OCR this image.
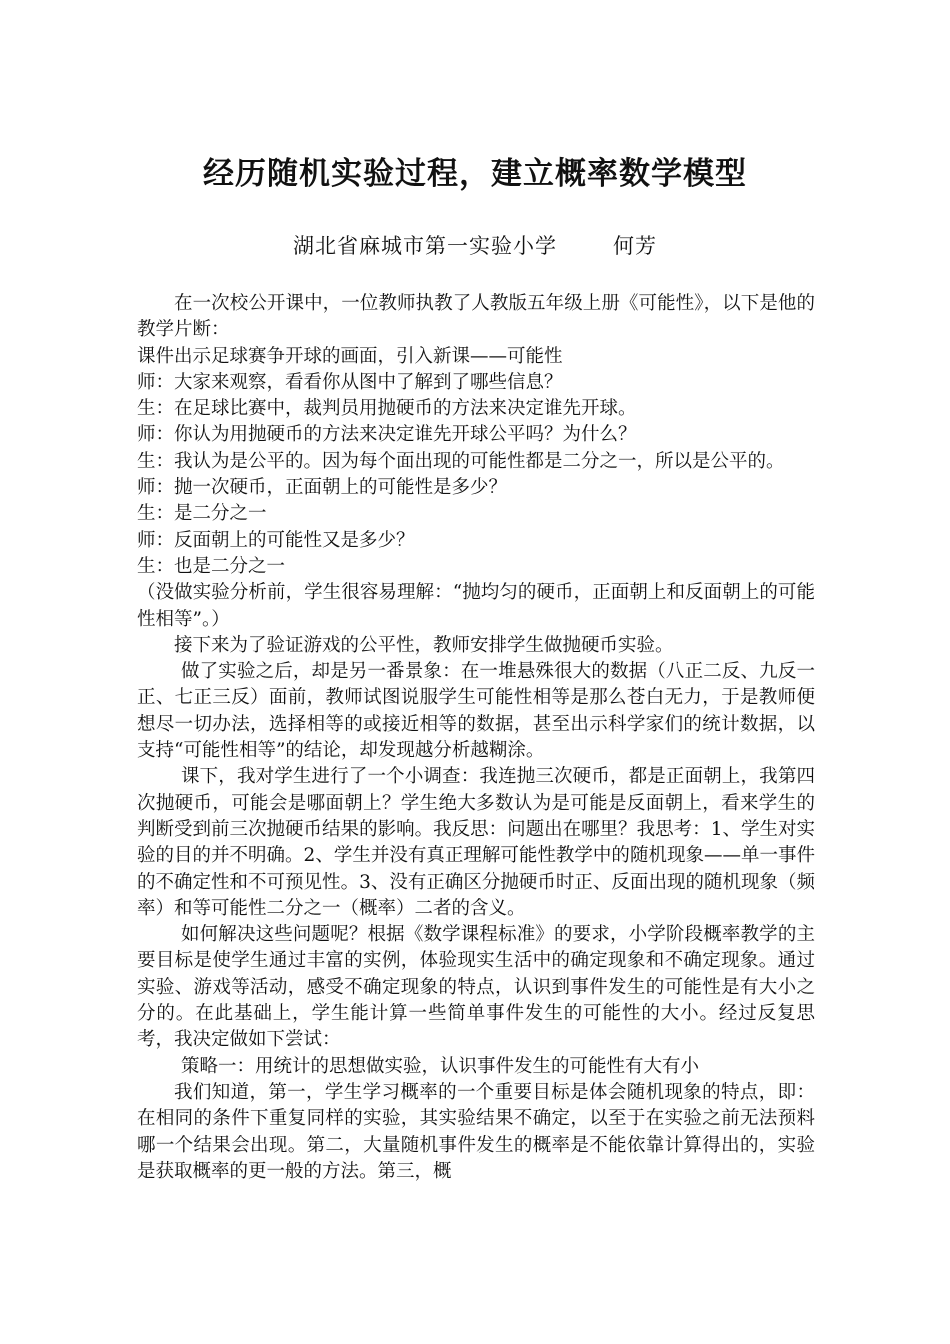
经历随机实验过程，建立概率数学模型
湖北省麻城市第一实验小学	何芳

在一次校公开课中，一位教师执教了人教版五年级上册《可能性》，以下是他的教学片断：

课件出示足球赛争开球的画面，引入新课——可能性

师：大家来观察，看看你从图中了解到了哪些信息？

生：在足球比赛中，裁判员用抛硬币的方法来决定谁先开球。

师：你认为用抛硬币的方法来决定谁先开球公平吗？为什么？

生：我认为是公平的。因为每个面出现的可能性都是二分之一，所以是公平的。

师：抛一次硬币，正面朝上的可能性是多少？

生：是二分之一

师：反面朝上的可能性又是多少？

生：也是二分之一

（没做实验分析前，学生很容易理解：“抛均匀的硬币，正面朝上和反面朝上的可能性相等”。）

接下来为了验证游戏的公平性，教师安排学生做抛硬币实验。

做了实验之后，却是另一番景象：在一堆悬殊很大的数据（八正二反、九反一正、七正三反）面前，教师试图说服学生可能性相等是那么苍白无力，于是教师便想尽一切办法，选择相等的或接近相等的数据，甚至出示科学家们的统计数据，以支持“可能性相等”的结论，却发现越分析越糊涂。

课下，我对学生进行了一个小调查：我连抛三次硬币，都是正面朝上，我第四次抛硬币，可能会是哪面朝上？学生绝大多数认为是可能是反面朝上，看来学生的判断受到前三次抛硬币结果的影响。我反思：问题出在哪里？我思考：1、学生对实验的目的并不明确。2、学生并没有真正理解可能性教学中的随机现象——单一事件的不确定性和不可预见性。3、没有正确区分抛硬币时正、反面出现的随机现象（频率）和等可能性二分之一（概率）二者的含义。

如何解决这些问题呢？根据《数学课程标准》的要求，小学阶段概率教学的主要目标是使学生通过丰富的实例，体验现实生活中的确定现象和不确定现象。通过实验、游戏等活动，感受不确定现象的特点，认识到事件发生的可能性是有大小之分的。在此基础上，学生能计算一些简单事件发生的可能性的大小。经过反复思考，我决定做如下尝试：

策略一：用统计的思想做实验，认识事件发生的可能性有大有小

我们知道，第一，学生学习概率的一个重要目标是体会随机现象的特点，即：在相同的条件下重复同样的实验，其实验结果不确定，以至于在实验之前无法预料哪一个结果会出现。第二，大量随机事件发生的概率是不能依靠计算得出的，实验是获取概率的更一般的方法。第三，概
